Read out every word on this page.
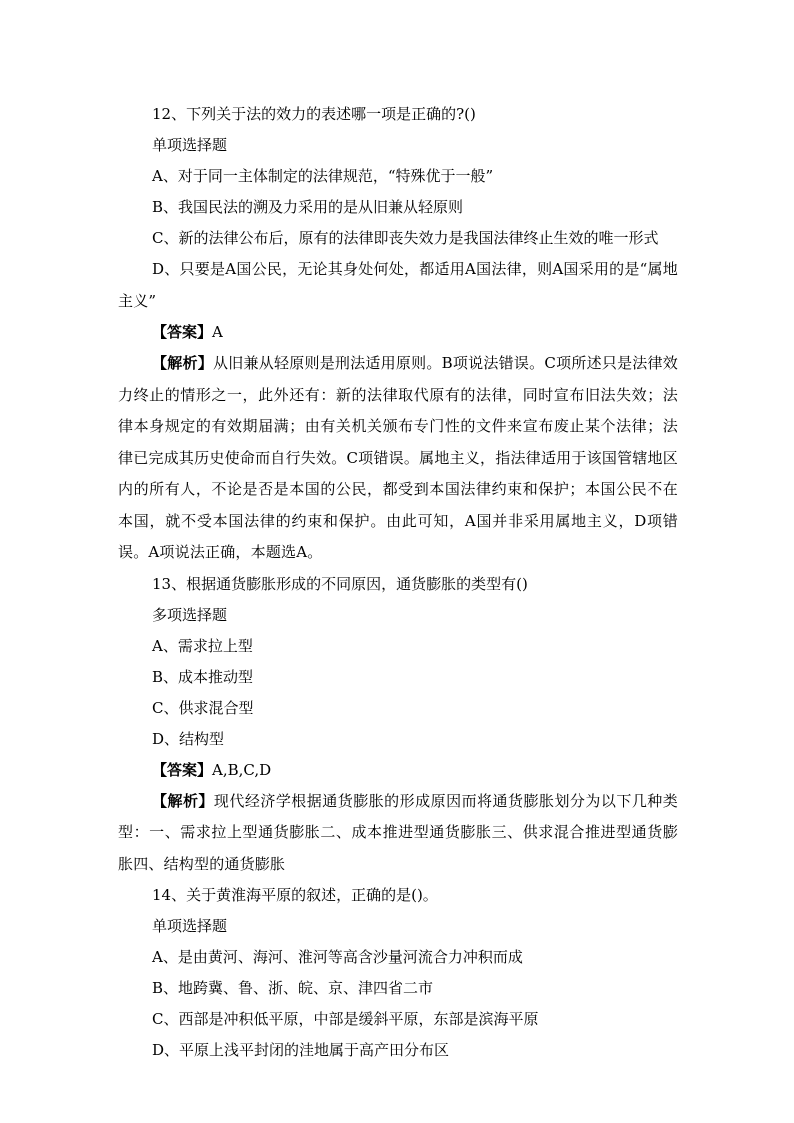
12、下列关于法的效力的表述哪一项是正确的?()
单项选择题
A、对于同一主体制定的法律规范，“特殊优于一般”
B、我国民法的溯及力采用的是从旧兼从轻原则
C、新的法律公布后，原有的法律即丧失效力是我国法律终止生效的唯一形式
D、只要是A国公民，无论其身处何处，都适用A国法律，则A国采用的是“属地主义”
【答案】A
【解析】从旧兼从轻原则是刑法适用原则。B项说法错误。C项所述只是法律效力终止的情形之一，此外还有：新的法律取代原有的法律，同时宣布旧法失效；法律本身规定的有效期届满；由有关机关颁布专门性的文件来宣布废止某个法律；法律已完成其历史使命而自行失效。C项错误。属地主义，指法律适用于该国管辖地区内的所有人，不论是否是本国的公民，都受到本国法律约束和保护；本国公民不在本国，就不受本国法律的约束和保护。由此可知，A国并非采用属地主义，D项错误。A项说法正确，本题选A。
13、根据通货膨胀形成的不同原因，通货膨胀的类型有()
多项选择题
A、需求拉上型
B、成本推动型
C、供求混合型
D、结构型
【答案】A,B,C,D
【解析】现代经济学根据通货膨胀的形成原因而将通货膨胀划分为以下几种类型：一、需求拉上型通货膨胀二、成本推进型通货膨胀三、供求混合推进型通货膨胀四、结构型的通货膨胀
14、关于黄淮海平原的叙述，正确的是()。
单项选择题
A、是由黄河、海河、淮河等高含沙量河流合力冲积而成
B、地跨冀、鲁、浙、皖、京、津四省二市
C、西部是冲积低平原，中部是缓斜平原，东部是滨海平原
D、平原上浅平封闭的洼地属于高产田分布区
